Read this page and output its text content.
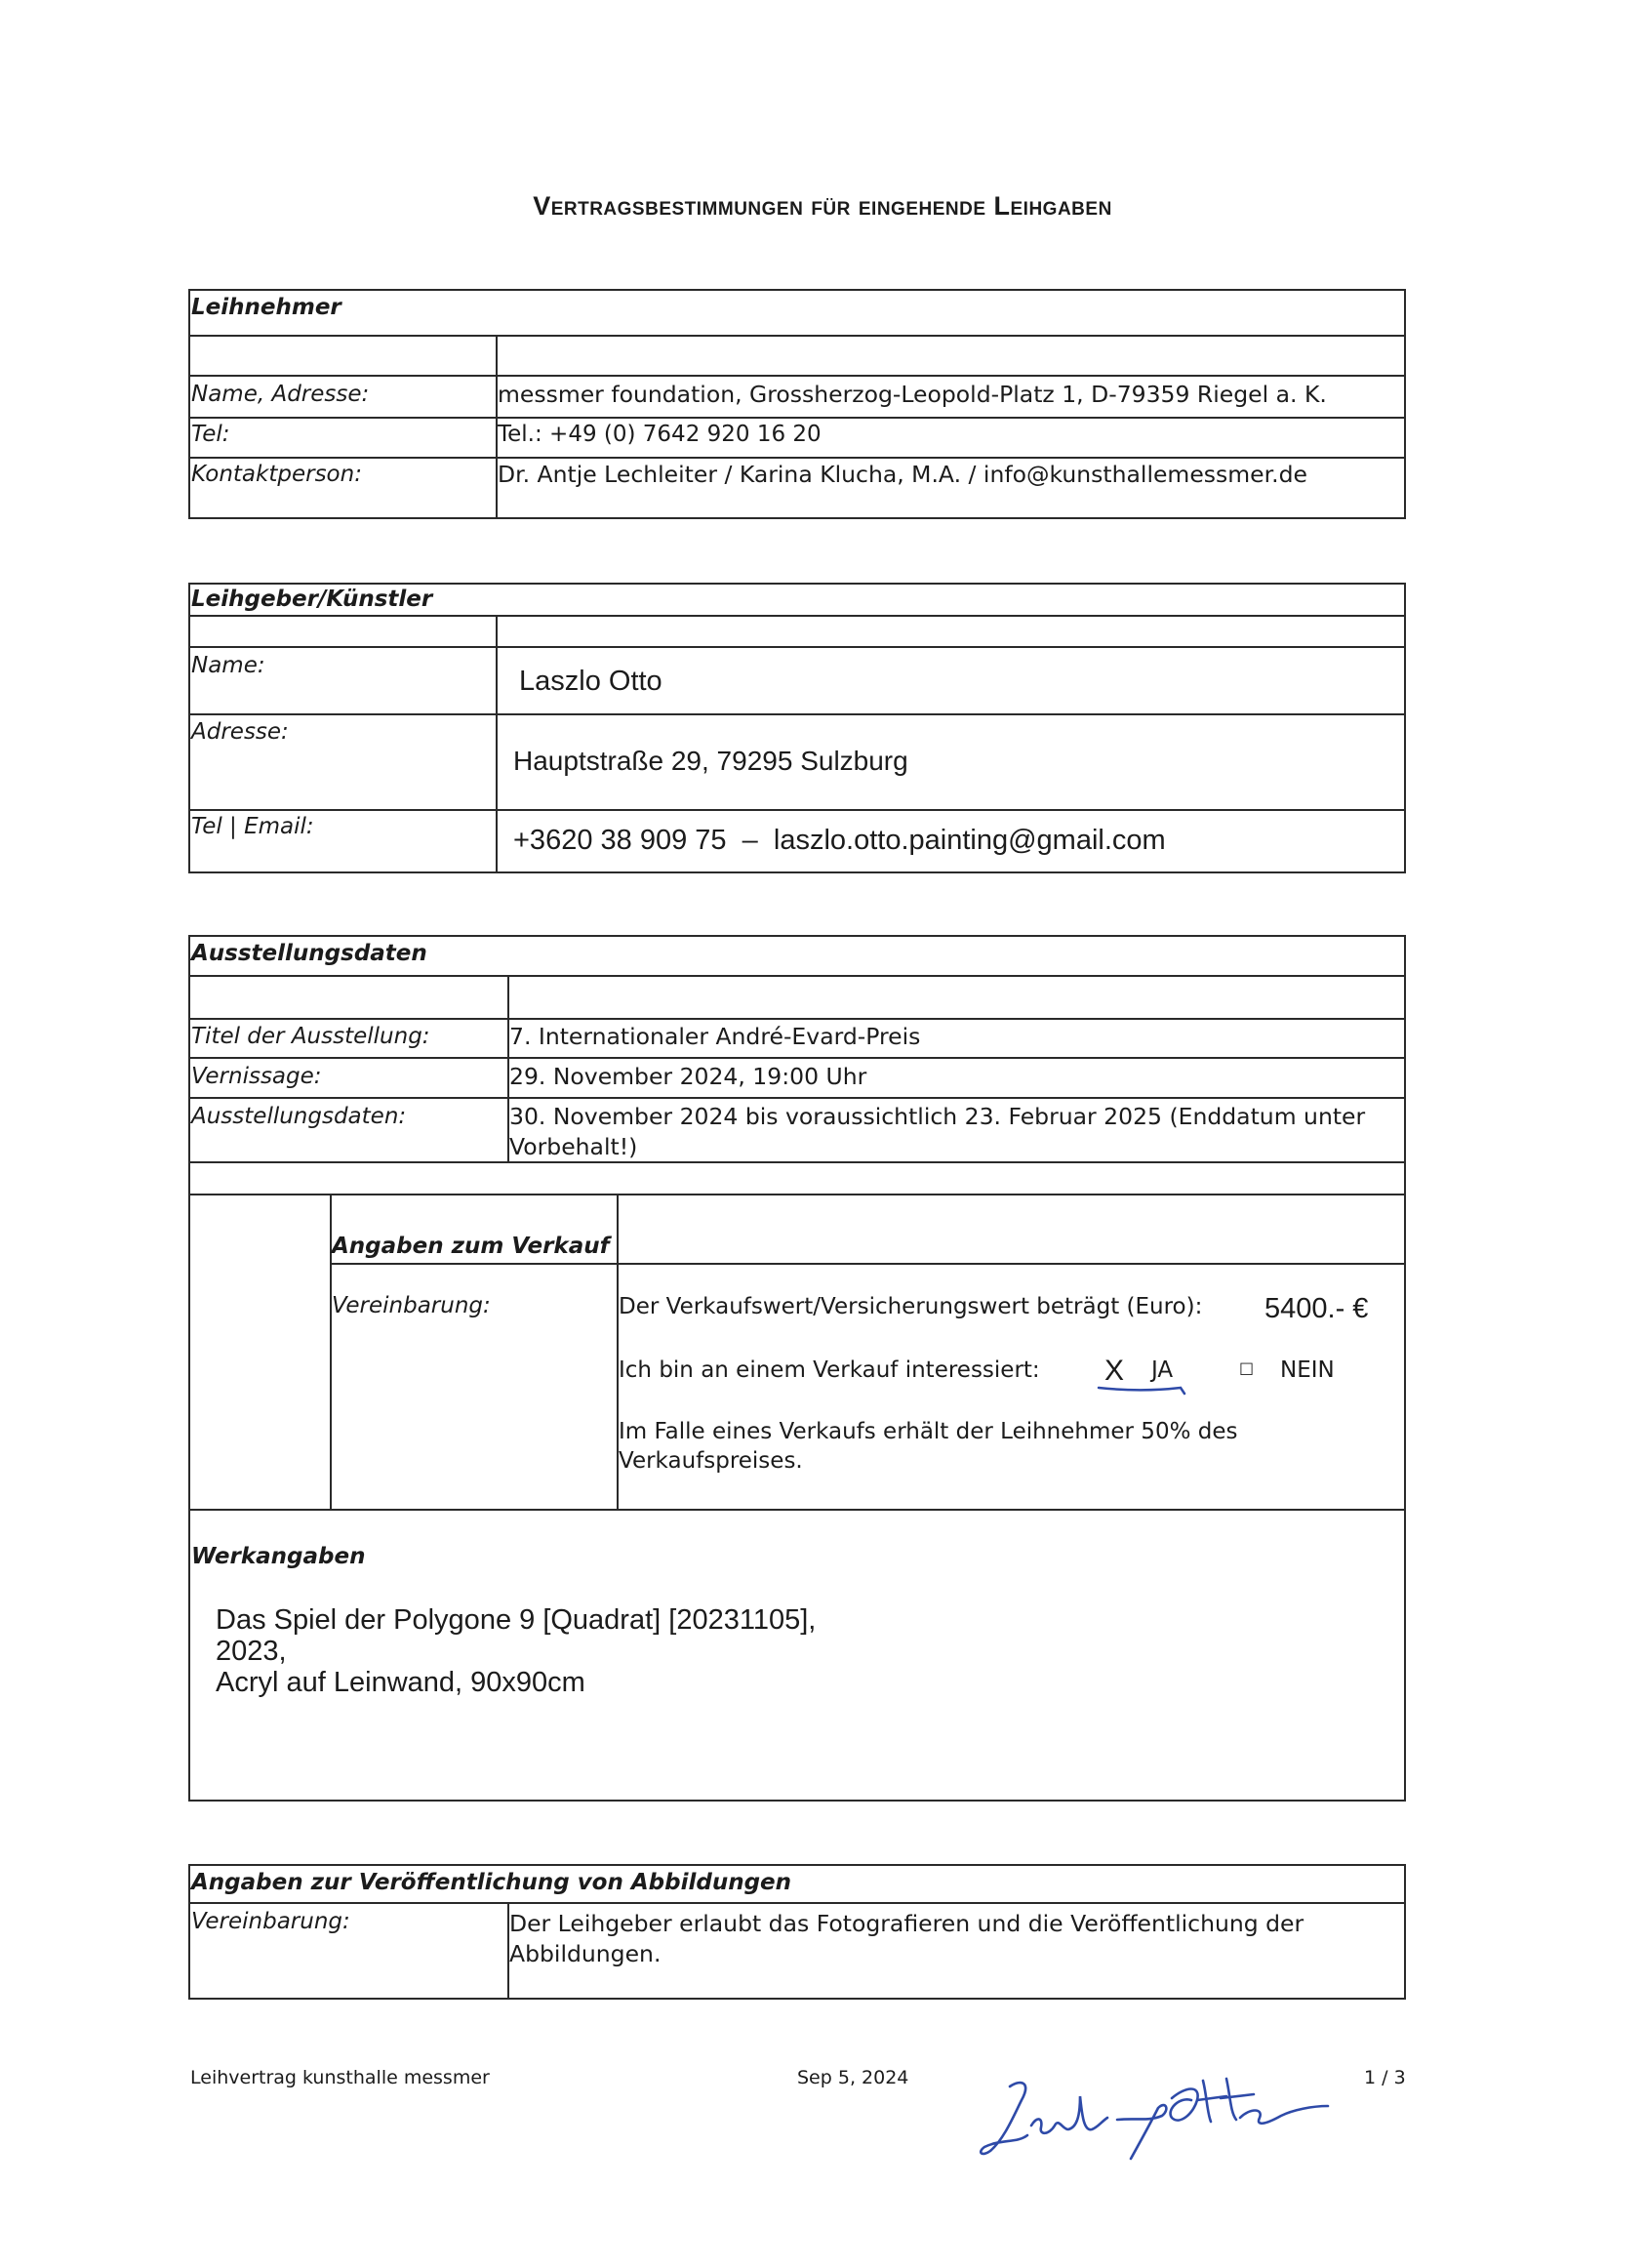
Vertragsbestimmungen für eingehende Leihgaben
Leihnehmer
Name, Adresse:	messmer foundation, Grossherzog-Leopold-Platz 1, D-79359 Riegel a. K.
Tel:	Tel.: +49 (0) 7642 920 16 20
Kontaktperson:	Dr. Antje Lechleiter / Karina Klucha, M.A. / info@kunsthallemessmer.de
Leihgeber/Künstler
Name:	Laszlo Otto
Adresse:
Hauptstraße 29, 79295 Sulzburg
Tel | Email:	+3620 38 909 75  –  laszlo.otto.painting@gmail.com
Ausstellungsdaten
Titel der Ausstellung:	7. Internationaler André-Evard-Preis
Vernissage:	29. November 2024, 19:00 Uhr
Ausstellungsdaten:	30. November 2024 bis voraussichtlich 23. Februar 2025 (Enddatum unter
Vorbehalt!)
Angaben zum Verkauf
Vereinbarung:	Der Verkaufswert/Versicherungswert beträgt (Euro): 5400.- €
Ich bin an einem Verkauf interessiert: X JA	□ NEIN
Im Falle eines Verkaufs erhält der Leihnehmer 50% des
Verkaufspreises.
Werkangaben
Das Spiel der Polygone 9 [Quadrat] [20231105],
2023,
Acryl auf Leinwand, 90x90cm
Angaben zur Veröffentlichung von Abbildungen
Vereinbarung:	Der Leihgeber erlaubt das Fotografieren und die Veröffentlichung der
Abbildungen.
Leihvertrag kunsthalle messmer	Sep 5, 2024	1 / 3
